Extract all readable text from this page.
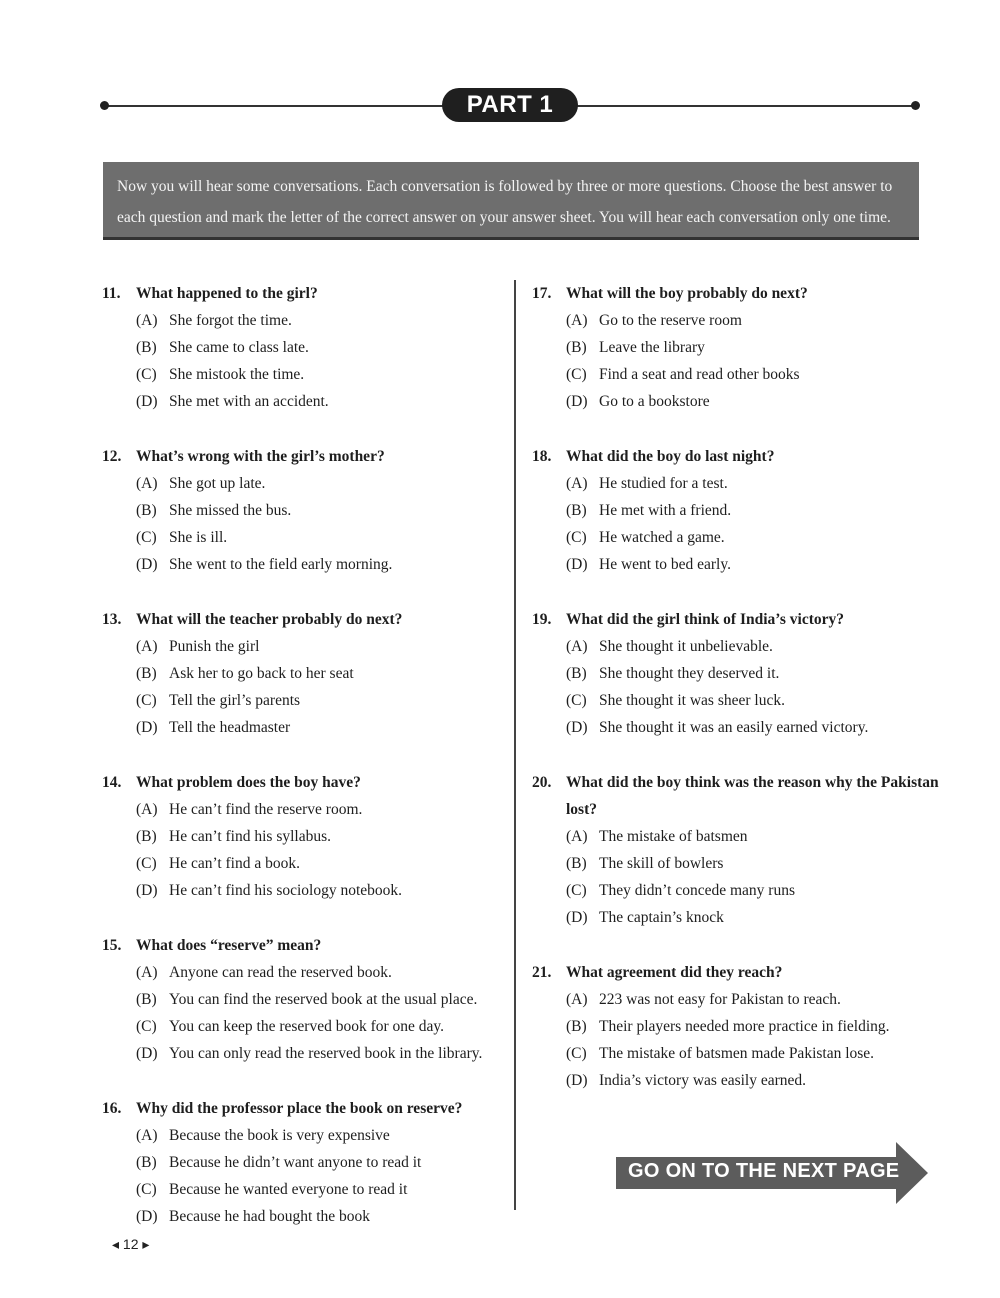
PART 1
Now you will hear some conversations. Each conversation is followed by three or more questions. Choose the best answer to each question and mark the letter of the correct answer on your answer sheet. You will hear each conversation only one time.
11. What happened to the girl?
(A) She forgot the time.
(B) She came to class late.
(C) She mistook the time.
(D) She met with an accident.
12. What’s wrong with the girl’s mother?
(A) She got up late.
(B) She missed the bus.
(C) She is ill.
(D) She went to the field early morning.
13. What will the teacher probably do next?
(A) Punish the girl
(B) Ask her to go back to her seat
(C) Tell the girl’s parents
(D) Tell the headmaster
14. What problem does the boy have?
(A) He can’t find the reserve room.
(B) He can’t find his syllabus.
(C) He can’t find a book.
(D) He can’t find his sociology notebook.
15. What does “reserve” mean?
(A) Anyone can read the reserved book.
(B) You can find the reserved book at the usual place.
(C) You can keep the reserved book for one day.
(D) You can only read the reserved book in the library.
16. Why did the professor place the book on reserve?
(A) Because the book is very expensive
(B) Because he didn’t want anyone to read it
(C) Because he wanted everyone to read it
(D) Because he had bought the book
17. What will the boy probably do next?
(A) Go to the reserve room
(B) Leave the library
(C) Find a seat and read other books
(D) Go to a bookstore
18. What did the boy do last night?
(A) He studied for a test.
(B) He met with a friend.
(C) He watched a game.
(D) He went to bed early.
19. What did the girl think of India’s victory?
(A) She thought it unbelievable.
(B) She thought they deserved it.
(C) She thought it was sheer luck.
(D) She thought it was an easily earned victory.
20. What did the boy think was the reason why the Pakistan lost?
(A) The mistake of batsmen
(B) The skill of bowlers
(C) They didn’t concede many runs
(D) The captain’s knock
21. What agreement did they reach?
(A) 223 was not easy for Pakistan to reach.
(B) Their players needed more practice in fielding.
(C) The mistake of batsmen made Pakistan lose.
(D) India’s victory was easily earned.
GO ON TO THE NEXT PAGE
◂ 12 ▸
